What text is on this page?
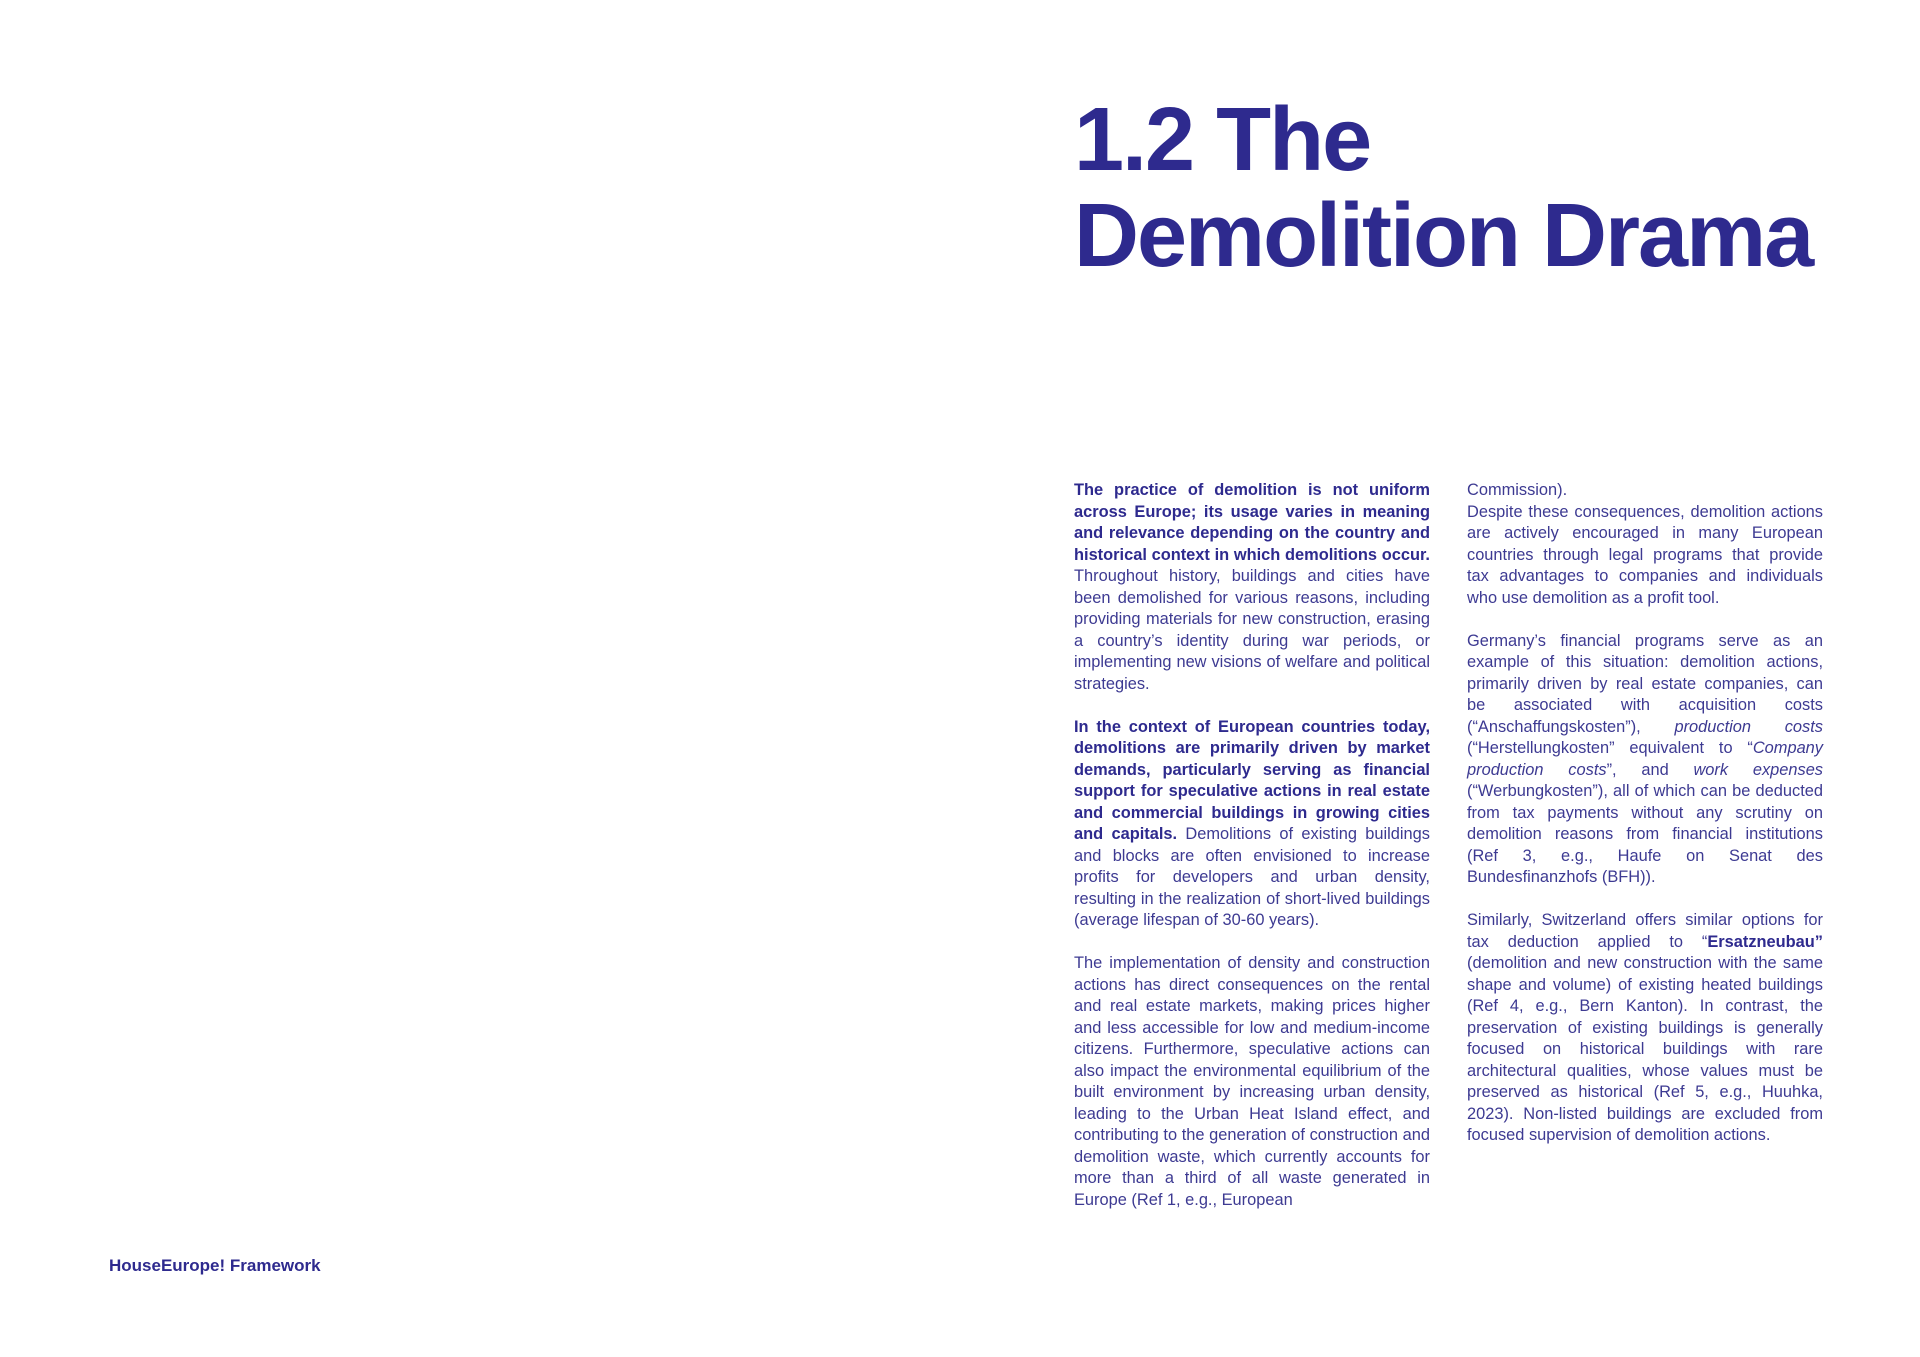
HouseEurope! Framework

1.2 The
Demolition Drama

The practice of demolition is not uniform across Europe; its usage varies in meaning and relevance depending on the country and historical context in which demolitions occur. Throughout history, buildings and cities have been demolished for various reasons, including providing materials for new construction, erasing a country’s identity during war periods, or implementing new visions of welfare and political strategies.

In the context of European countries today, demolitions are primarily driven by market demands, particularly serving as financial support for speculative actions in real estate and commercial buildings in growing cities and capitals. Demolitions of existing buildings and blocks are often envisioned to increase profits for developers and urban density, resulting in the realization of short-lived buildings (average lifespan of 30-60 years).

The implementation of density and construction actions has direct consequences on the rental and real estate markets, making prices higher and less accessible for low and medium-income citizens. Furthermore, speculative actions can also impact the environmental equilibrium of the built environment by increasing urban density, leading to the Urban Heat Island effect, and contributing to the generation of construction and demolition waste, which currently accounts for more than a third of all waste generated in Europe (Ref 1, e.g., European

Commission).

Despite these consequences, demolition actions are actively encouraged in many European countries through legal programs that provide tax advantages to companies and individuals who use demolition as a profit tool.

Germany’s financial programs serve as an example of this situation: demolition actions, primarily driven by real estate companies, can be associated with acquisition costs (“Anschaffungskosten”), production costs (“Herstellungkosten” equivalent to “Company production costs”, and work expenses (“Werbungkosten”), all of which can be deducted from tax payments without any scrutiny on demolition reasons from financial institutions (Ref 3, e.g., Haufe on Senat des Bundesfinanzhofs (BFH)).

Similarly, Switzerland offers similar options for tax deduction applied to “Ersatzneubau” (demolition and new construction with the same shape and volume) of existing heated buildings (Ref 4, e.g., Bern Kanton). In contrast, the preservation of existing buildings is generally focused on historical buildings with rare architectural qualities, whose values must be preserved as historical (Ref 5, e.g., Huuhka, 2023). Non-listed buildings are excluded from focused supervision of demolition actions.
